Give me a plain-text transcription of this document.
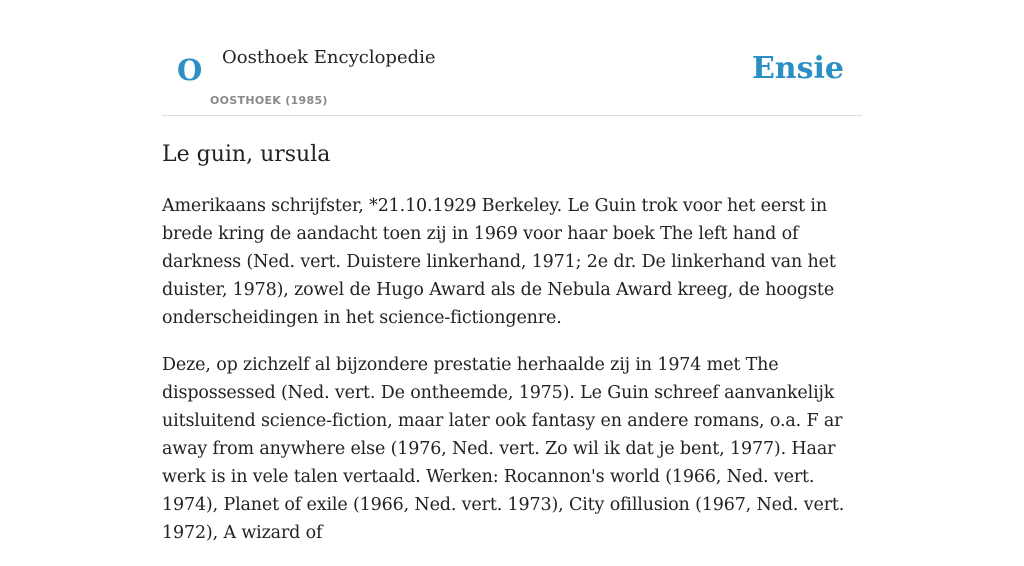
O Oosthoek Encyclopedie
OOSTHOEK (1985)
Ensie
Le guin, ursula

Amerikaans schrijfster, *21.10.1929 Berkeley. Le Guin trok voor het eerst in brede kring de aandacht toen zij in 1969 voor haar boek The left hand of darkness (Ned. vert. Duistere linkerhand, 1971; 2e dr. De linkerhand van het duister, 1978), zowel de Hugo Award als de Nebula Award kreeg, de hoogste onderscheidingen in het science-fictiongenre.

Deze, op zichzelf al bijzondere prestatie herhaalde zij in 1974 met The dispossessed (Ned. vert. De ontheemde, 1975). Le Guin schreef aanvankelijk uitsluitend science-fiction, maar later ook fantasy en andere romans, o.a. F ar away from anywhere else (1976, Ned. vert. Zo wil ik dat je bent, 1977). Haar werk is in vele talen vertaald. Werken: Rocannon's world (1966, Ned. vert. 1974), Planet of exile (1966, Ned. vert. 1973), City ofillusion (1967, Ned. vert. 1972), A wizard of
